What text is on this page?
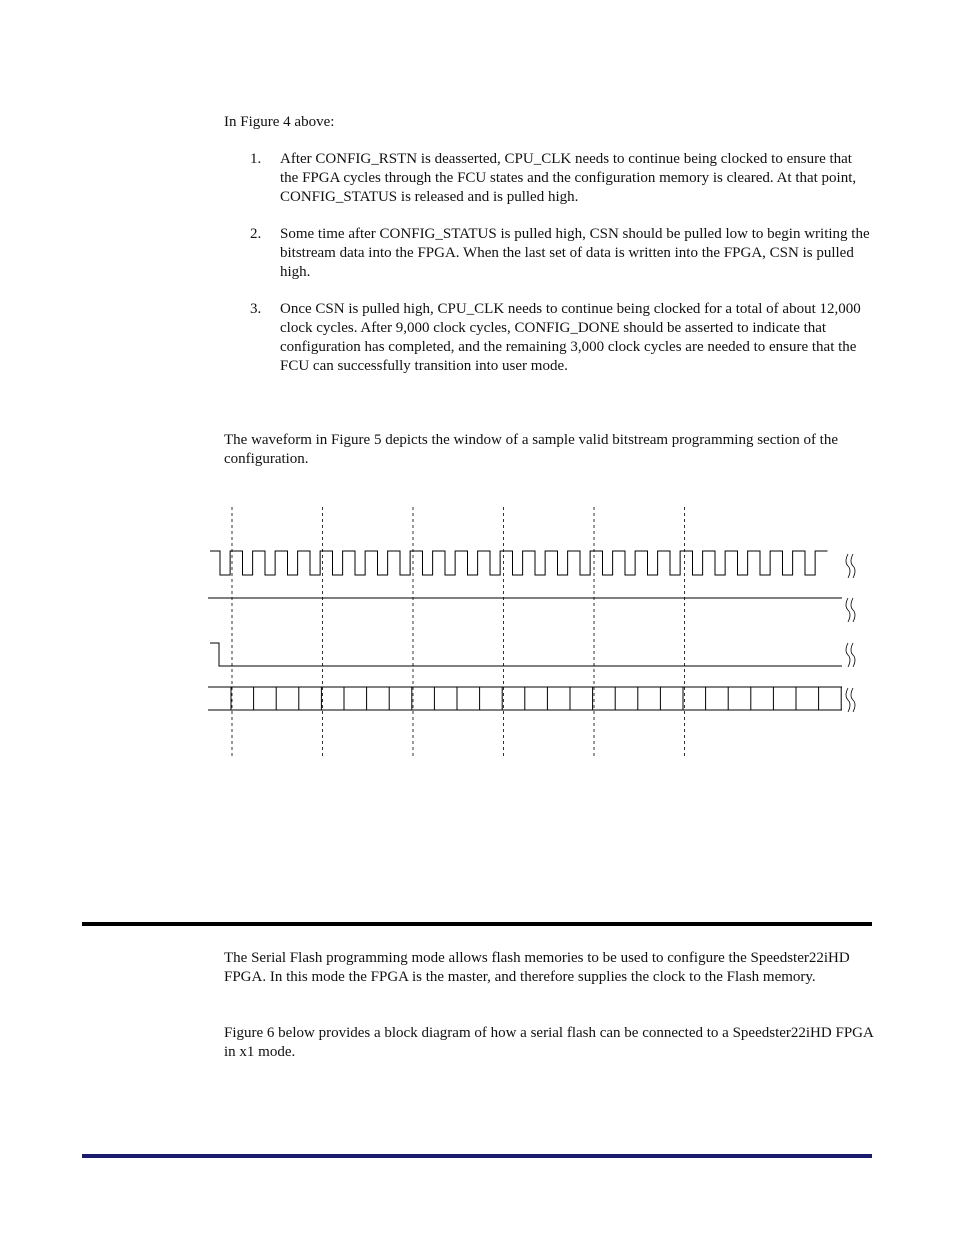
In Figure 4 above:

1.	After CONFIG_RSTN is deasserted, CPU_CLK needs to continue being clocked to ensure that the FPGA cycles through the FCU states and the configuration memory is cleared. At that point, CONFIG_STATUS is released and is pulled high.
2.	Some time after CONFIG_STATUS is pulled high, CSN should be pulled low to begin writing the bitstream data into the FPGA. When the last set of data is written into the FPGA, CSN is pulled high.
3.	Once CSN is pulled high, CPU_CLK needs to continue being clocked for a total of about 12,000 clock cycles. After 9,000 clock cycles, CONFIG_DONE should be asserted to indicate that configuration has completed, and the remaining 3,000 clock cycles are needed to ensure that the FCU can successfully transition into user mode.

The waveform in Figure 5 depicts the window of a sample valid bitstream programming section of the configuration.

The Serial Flash programming mode allows flash memories to be used to configure the Speedster22iHD FPGA. In this mode the FPGA is the master, and therefore supplies the clock to the Flash memory.

Figure 6 below provides a block diagram of how a serial flash can be connected to a Speedster22iHD FPGA in x1 mode.
